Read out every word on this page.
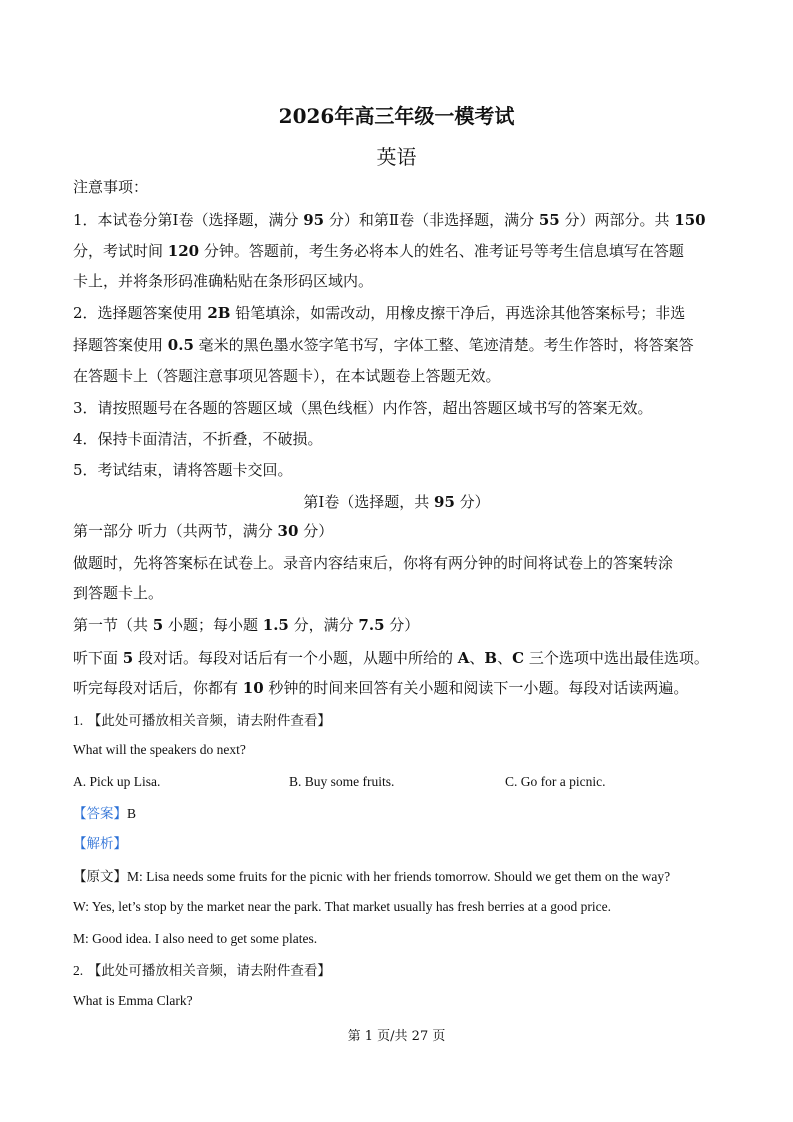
2026年高三年级一模考试
英语
注意事项：
1．本试卷分第Ⅰ卷（选择题，满分 95 分）和第Ⅱ卷（非选择题，满分 55 分）两部分。共 150
分，考试时间 120 分钟。答题前，考生务必将本人的姓名、准考证号等考生信息填写在答题
卡上，并将条形码准确粘贴在条形码区域内。
2．选择题答案使用 2B 铅笔填涂，如需改动，用橡皮擦干净后，再选涂其他答案标号；非选
择题答案使用 0.5 毫米的黑色墨水签字笔书写，字体工整、笔迹清楚。考生作答时，将答案答
在答题卡上（答题注意事项见答题卡），在本试题卷上答题无效。
3．请按照题号在各题的答题区域（黑色线框）内作答，超出答题区域书写的答案无效。
4．保持卡面清洁，不折叠，不破损。
5．考试结束，请将答题卡交回。
第Ⅰ卷（选择题，共 95 分）
第一部分 听力（共两节，满分 30 分）
做题时，先将答案标在试卷上。录音内容结束后，你将有两分钟的时间将试卷上的答案转涂
到答题卡上。
第一节（共 5 小题；每小题 1.5 分，满分 7.5 分）
听下面 5 段对话。每段对话后有一个小题，从题中所给的 A、B、C 三个选项中选出最佳选项。
听完每段对话后，你都有 10 秒钟的时间来回答有关小题和阅读下一小题。每段对话读两遍。
1. 【此处可播放相关音频，请去附件查看】
What will the speakers do next?
A. Pick up Lisa.	B. Buy some fruits.	C. Go for a picnic.
【答案】B
【解析】
【原文】M: Lisa needs some fruits for the picnic with her friends tomorrow. Should we get them on the way?
W: Yes, let’s stop by the market near the park. That market usually has fresh berries at a good price.
M: Good idea. I also need to get some plates.
2. 【此处可播放相关音频，请去附件查看】
What is Emma Clark?
第 1 页/共 27 页
